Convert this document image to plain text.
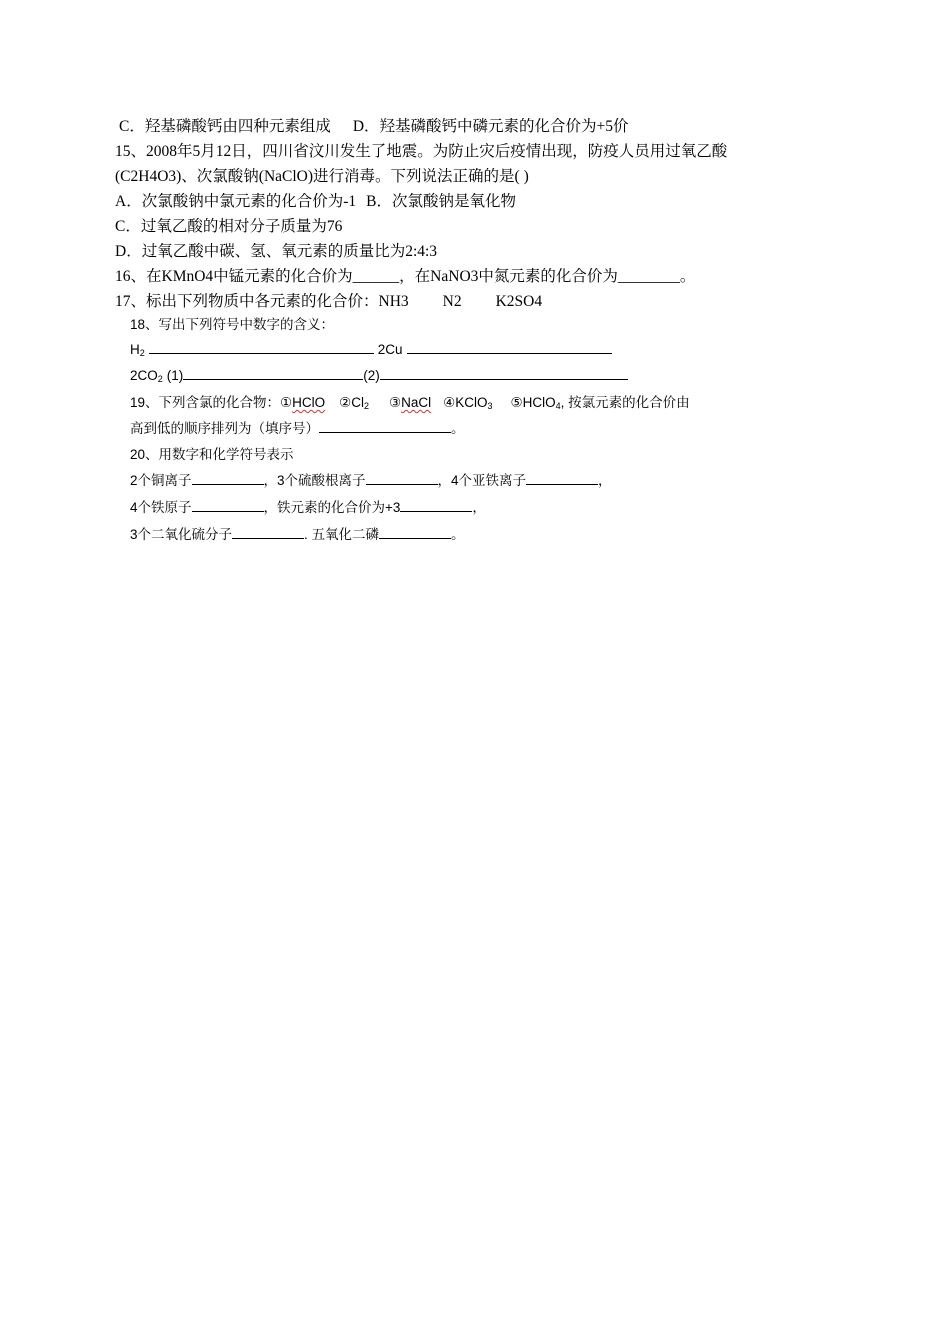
C．羟基磷酸钙由四种元素组成 D．羟基磷酸钙中磷元素的化合价为+5价
15、2008年5月12日，四川省汶川发生了地震。为防止灾后疫情出现，防疫人员用过氧乙酸
(C2H4O3)、次氯酸钠(NaClO)进行消毒。下列说法正确的是( )
A．次氯酸钠中氯元素的化合价为-1 B．次氯酸钠是氧化物
C．过氧乙酸的相对分子质量为76
D．过氧乙酸中碳、氢、氧元素的质量比为2:4:3
16、在KMnO4中锰元素的化合价为______，在NaNO3中氮元素的化合价为________。
17、标出下列物质中各元素的化合价：NH3 N2 K2SO4
18、写出下列符号中数字的含义：
$H_2$	2Cu
$2CO_2$ (1)	(2)
19、下列含氯的化合物：①HClO $②Cl_2$ ③NaCl ④KClO$_3$ ⑤HClO$_4$, 按氯元素的化合价由
高到低的顺序排列为（填序号）	。
20、用数字和化学符号表示
2个铜离子	，3个硫酸根离子	，4个亚铁离子	，
4个铁原子	，铁元素的化合价为+3	，
3个二氧化硫分子	. 五氧化二磷	。
